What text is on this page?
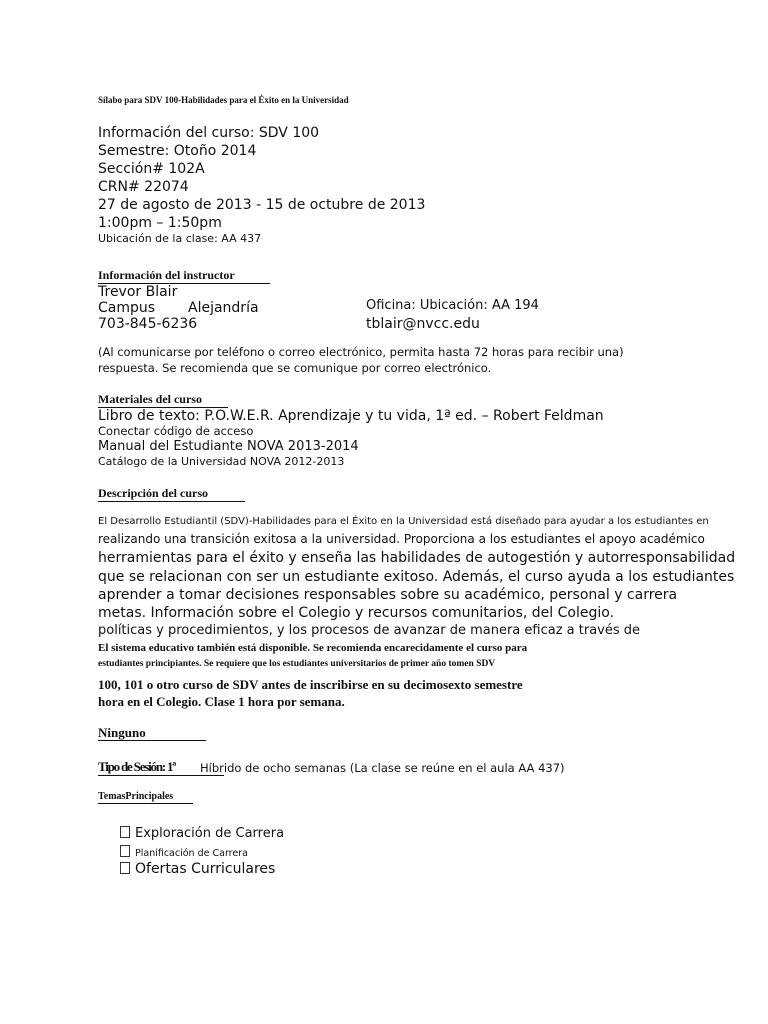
Sílabo para SDV 100-Habilidades para el Éxito en la Universidad
Información del curso: SDV 100
Semestre: Otoño 2014
Sección# 102A
CRN# 22074
27 de agosto de 2013 - 15 de octubre de 2013
1:00pm – 1:50pm
Ubicación de la clase: AA 437
Información del instructor
Trevor Blair
Campus Alejandría	Oficina: Ubicación: AA 194
703-845-6236	tblair@nvcc.edu
(Al comunicarse por teléfono o correo electrónico, permita hasta 72 horas para recibir una)
respuesta. Se recomienda que se comunique por correo electrónico.
Materiales del curso
Libro de texto: P.O.W.E.R. Aprendizaje y tu vida, 1ª ed. – Robert Feldman
Conectar código de acceso
Manual del Estudiante NOVA 2013-2014
Catálogo de la Universidad NOVA 2012-2013
Descripción del curso
El Desarrollo Estudiantil (SDV)-Habilidades para el Éxito en la Universidad está diseñado para ayudar a los estudiantes en
realizando una transición exitosa a la universidad. Proporciona a los estudiantes el apoyo académico
herramientas para el éxito y enseña las habilidades de autogestión y autorresponsabilidad
que se relacionan con ser un estudiante exitoso. Además, el curso ayuda a los estudiantes
aprender a tomar decisiones responsables sobre su académico, personal y carrera
metas. Información sobre el Colegio y recursos comunitarios, del Colegio.
políticas y procedimientos, y los procesos de avanzar de manera eficaz a través de
El sistema educativo también está disponible. Se recomienda encarecidamente el curso para
estudiantes principiantes. Se requiere que los estudiantes universitarios de primer año tomen SDV
100, 101 o otro curso de SDV antes de inscribirse en su decimosexto semestre
hora en el Colegio. Clase 1 hora por semana.
Ninguno
Tipo de Sesión: 1ª Híbrido de ocho semanas (La clase se reúne en el aula AA 437)
TemasPrincipales
Exploración de Carrera
Planificación de Carrera
Ofertas Curriculares
